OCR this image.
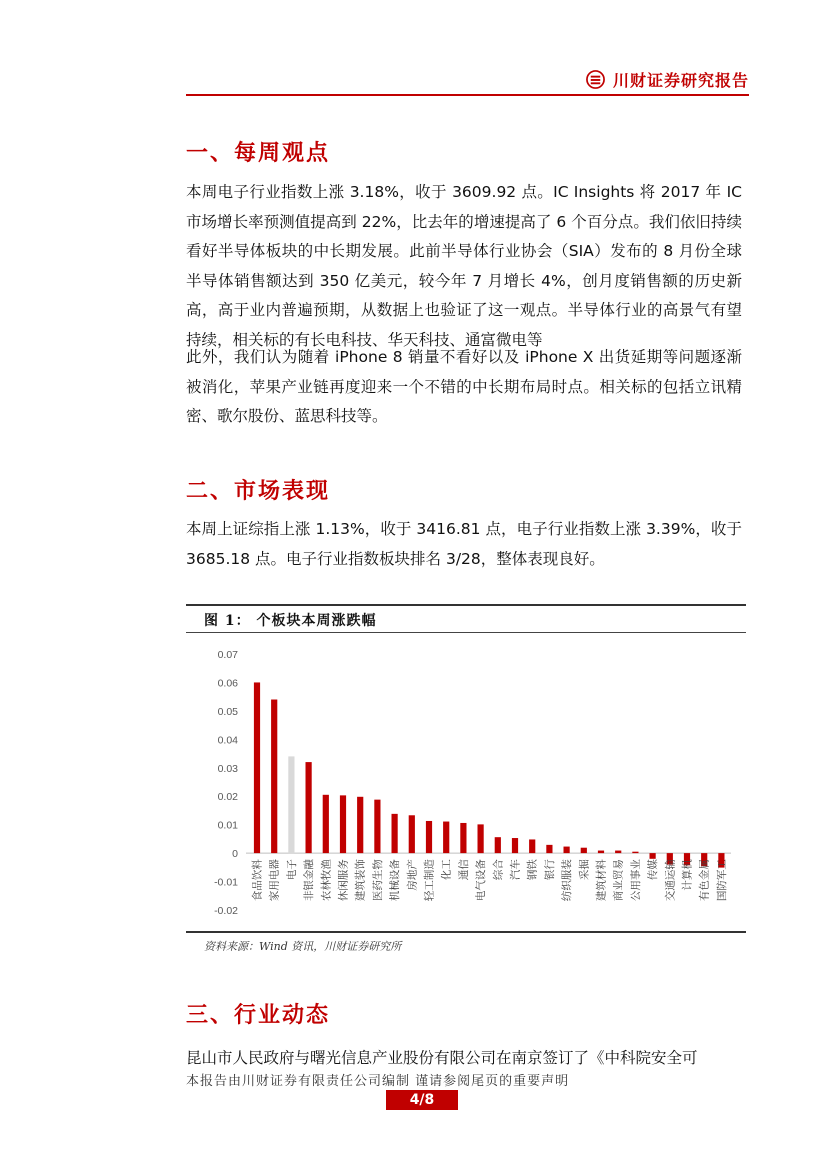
川财证券研究报告
一、每周观点

本周电子行业指数上涨 3.18%，收于 3609.92 点。IC Insights 将 2017 年 IC 市场增长率预测值提高到 22%，比去年的增速提高了 6 个百分点。我们依旧持续看好半导体板块的中长期发展。此前半导体行业协会（SIA）发布的 8 月份全球半导体销售额达到 350 亿美元，较今年 7 月增长 4%，创月度销售额的历史新高，高于业内普遍预期，从数据上也验证了这一观点。半导体行业的高景气有望持续，相关标的有长电科技、华天科技、通富微电等

此外，我们认为随着 iPhone 8 销量不看好以及 iPhone X 出货延期等问题逐渐被消化，苹果产业链再度迎来一个不错的中长期布局时点。相关标的包括立讯精密、歌尔股份、蓝思科技等。

二、市场表现

本周上证综指上涨 1.13%，收于 3416.81 点，电子行业指数上涨 3.39%，收于 3685.18 点。电子行业指数板块排名 3/28，整体表现良好。

图 1： 个板块本周涨跌幅
0.07
0.06
0.05
0.04
0.03
0.02
0.01
0
-0.01
-0.02
食品饮料 家用电器 电子 非银金融 农林牧渔 休闲服务 建筑装饰 医药生物 机械设备 房地产 轻工制造 化工 通信 电气设备 综合 汽车 钢铁 银行 纺织服装 采掘 建筑材料 商业贸易 公用事业 传媒 交通运输 计算机 有色金属 国防军工
资料来源：Wind 资讯，川财证券研究所
三、行业动态
昆山市人民政府与曙光信息产业股份有限公司在南京签订了《中科院安全可
本报告由川财证券有限责任公司编制 谨请参阅尾页的重要声明
4/8
